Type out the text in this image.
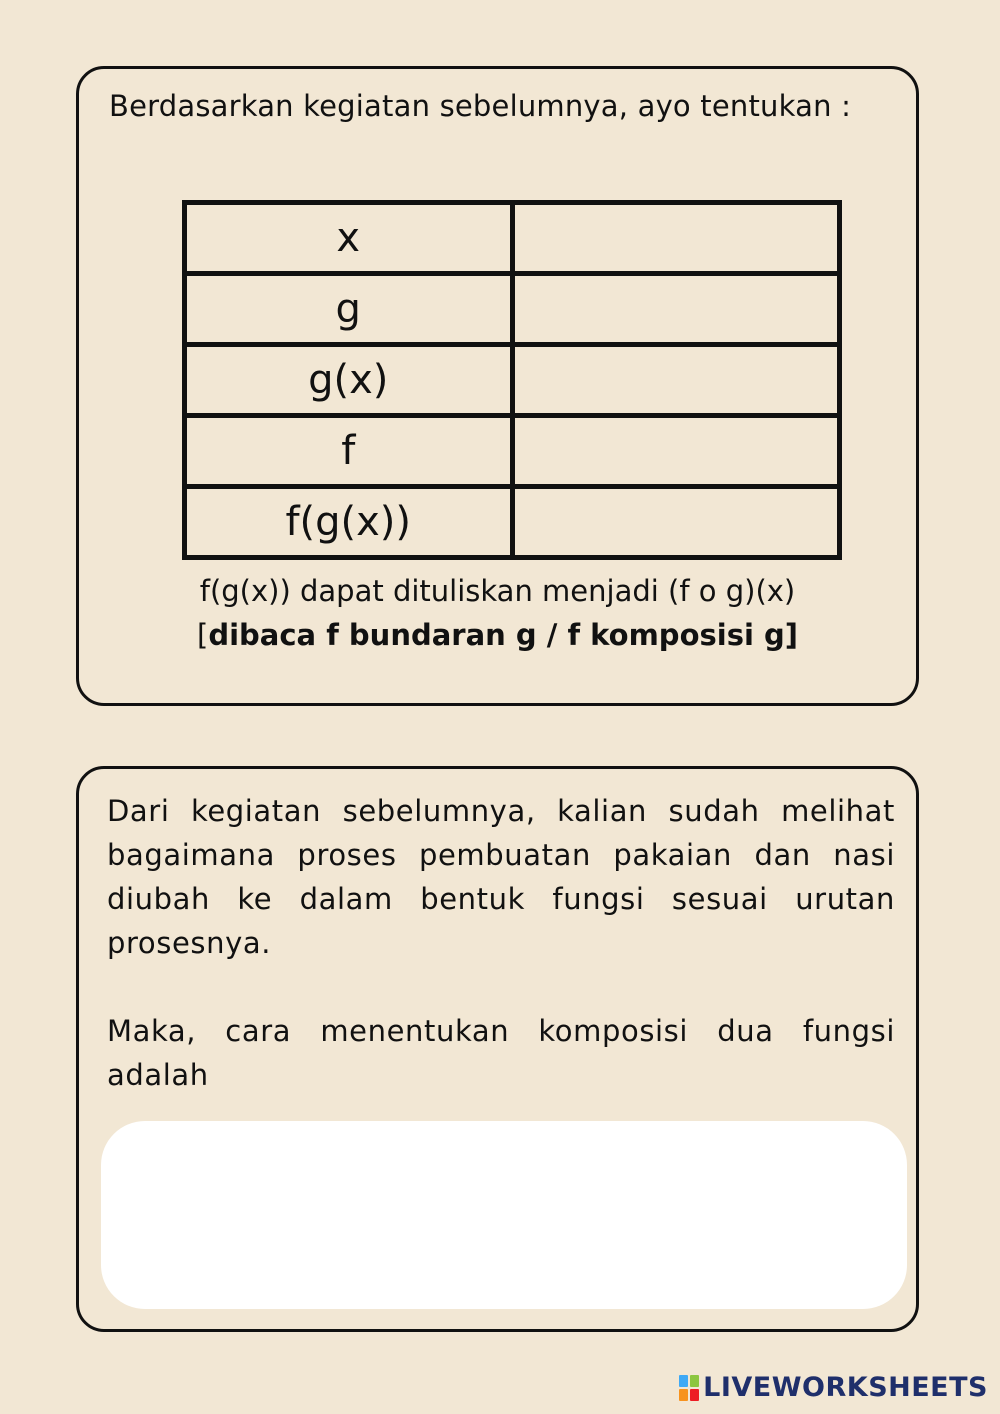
Berdasarkan kegiatan sebelumnya, ayo tentukan :

x	
g	
g(x)	
f	
f(g(x))	

f(g(x)) dapat dituliskan menjadi (f o g)(x)

[dibaca f bundaran g / f komposisi g]

Dari kegiatan sebelumnya, kalian sudah melihat bagaimana proses pembuatan pakaian dan nasi diubah ke dalam bentuk fungsi sesuai urutan prosesnya.

Maka, cara menentukan komposisi dua fungsi adalah

LIVEWORKSHEETS
